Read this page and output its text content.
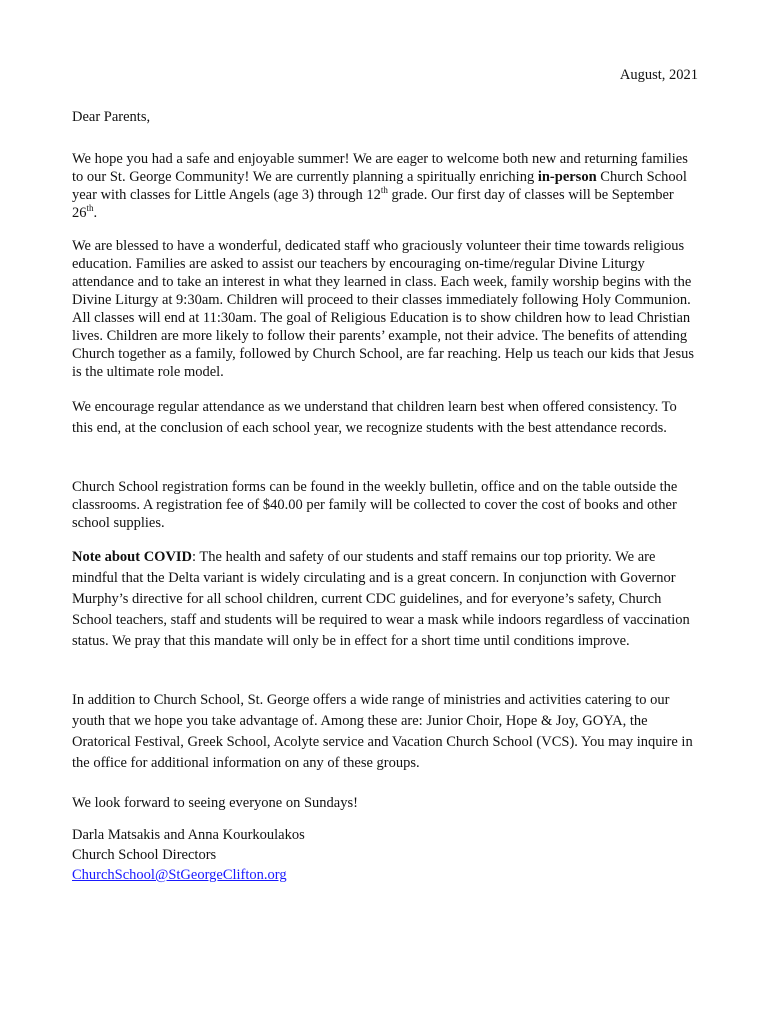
August, 2021
Dear Parents,

We hope you had a safe and enjoyable summer! We are eager to welcome both new and returning families to our St. George Community! We are currently planning a spiritually enriching in-person Church School year with classes for Little Angels (age 3) through 12th grade. Our first day of classes will be September 26th.

We are blessed to have a wonderful, dedicated staff who graciously volunteer their time towards religious education. Families are asked to assist our teachers by encouraging on-time/regular Divine Liturgy attendance and to take an interest in what they learned in class. Each week, family worship begins with the Divine Liturgy at 9:30am. Children will proceed to their classes immediately following Holy Communion. All classes will end at 11:30am. The goal of Religious Education is to show children how to lead Christian lives. Children are more likely to follow their parents’ example, not their advice. The benefits of attending Church together as a family, followed by Church School, are far reaching. Help us teach our kids that Jesus is the ultimate role model.

We encourage regular attendance as we understand that children learn best when offered consistency. To this end, at the conclusion of each school year, we recognize students with the best attendance records.

Church School registration forms can be found in the weekly bulletin, office and on the table outside the classrooms. A registration fee of $40.00 per family will be collected to cover the cost of books and other school supplies.

Note about COVID: The health and safety of our students and staff remains our top priority. We are mindful that the Delta variant is widely circulating and is a great concern. In conjunction with Governor Murphy’s directive for all school children, current CDC guidelines, and for everyone’s safety, Church School teachers, staff and students will be required to wear a mask while indoors regardless of vaccination status. We pray that this mandate will only be in effect for a short time until conditions improve.

In addition to Church School, St. George offers a wide range of ministries and activities catering to our youth that we hope you take advantage of. Among these are: Junior Choir, Hope & Joy, GOYA, the Oratorical Festival, Greek School, Acolyte service and Vacation Church School (VCS). You may inquire in the office for additional information on any of these groups.

We look forward to seeing everyone on Sundays!
Darla Matsakis and Anna Kourkoulakos
Church School Directors
ChurchSchool@StGeorgeClifton.org
